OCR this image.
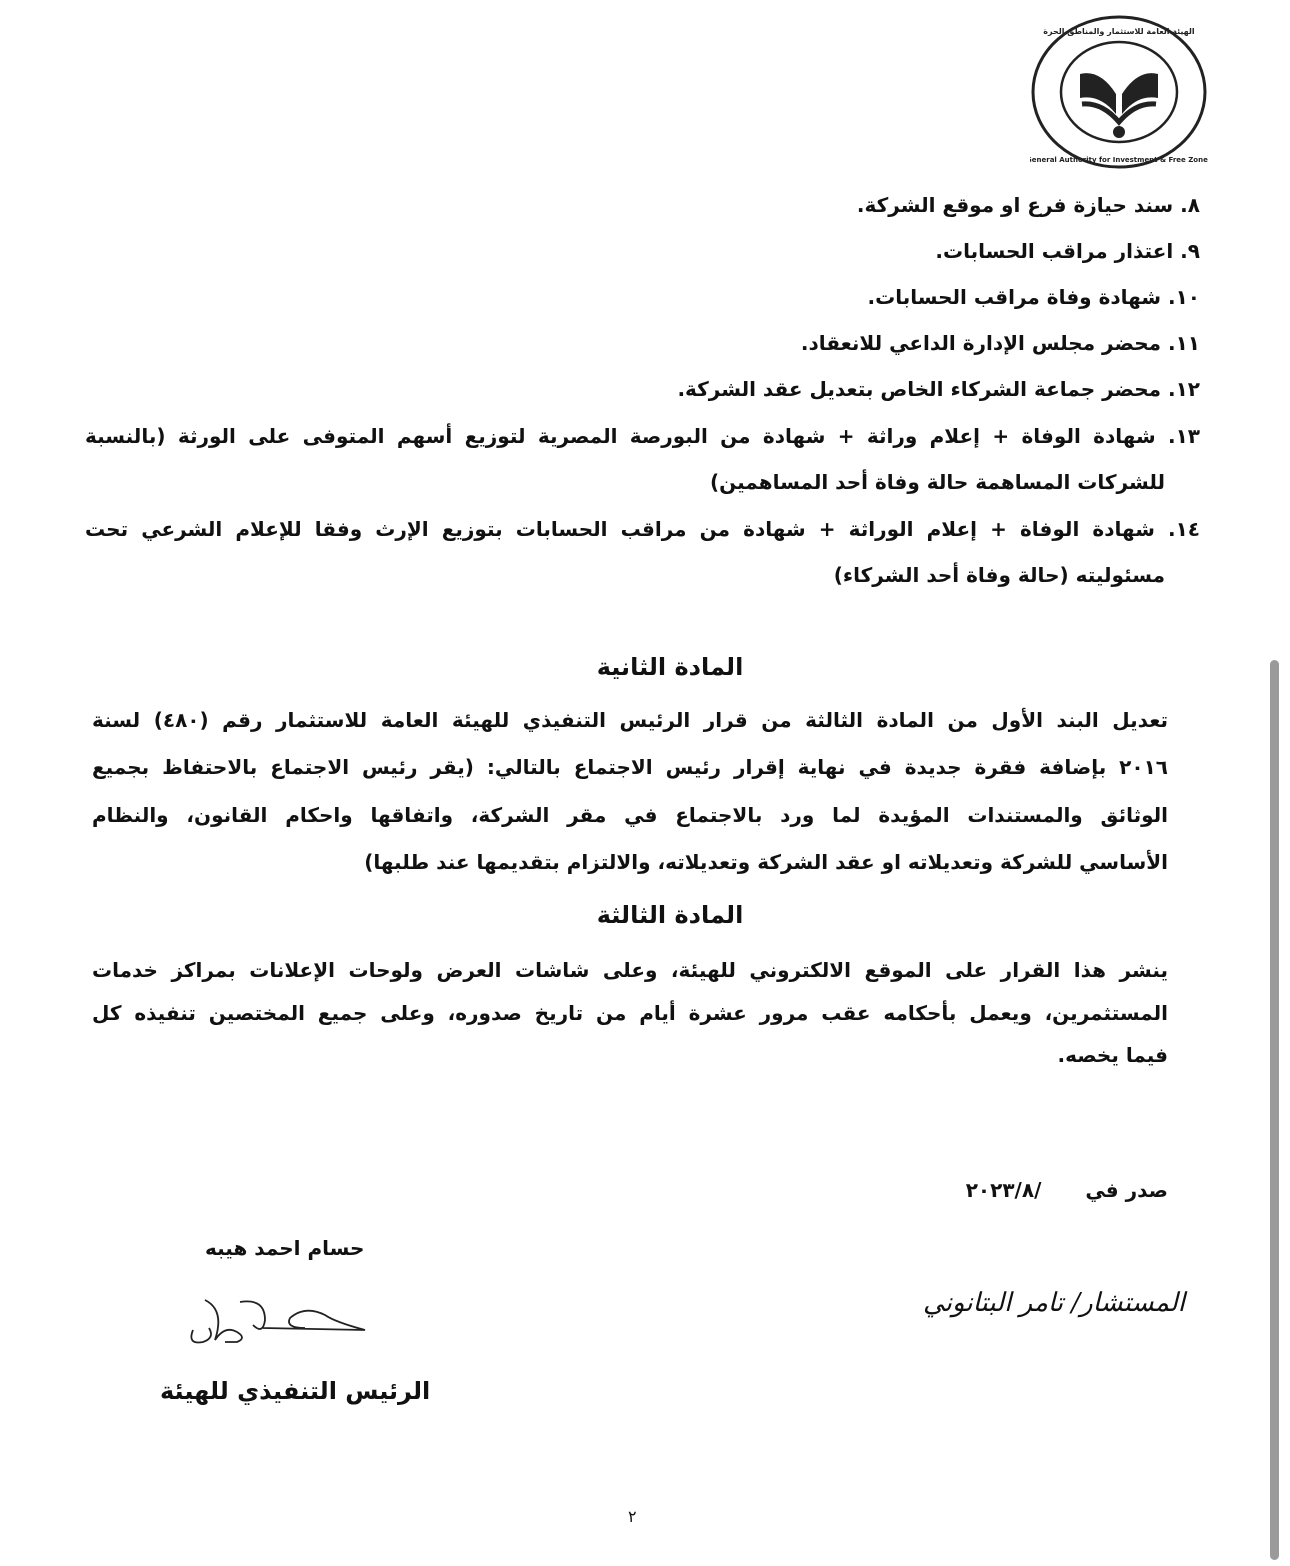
الهيئة العامة للاستثمار والمناطق الحرة
General Authority for Investment & Free Zones
٨. سند حيازة فرع او موقع الشركة.
٩. اعتذار مراقب الحسابات.
١٠. شهادة وفاة مراقب الحسابات.
١١. محضر مجلس الإدارة الداعي للانعقاد.
١٢. محضر جماعة الشركاء الخاص بتعديل عقد الشركة.
١٣. شهادة الوفاة + إعلام وراثة + شهادة من البورصة المصرية لتوزيع أسهم المتوفى على الورثة (بالنسبة
للشركات المساهمة حالة وفاة أحد المساهمين)
١٤. شهادة الوفاة + إعلام الوراثة + شهادة من مراقب الحسابات بتوزيع الإرث وفقا للإعلام الشرعي تحت
مسئوليته (حالة وفاة أحد الشركاء)
المادة الثانية
تعديل البند الأول من المادة الثالثة من قرار الرئيس التنفيذي للهيئة العامة للاستثمار رقم (٤٨٠) لسنة
٢٠١٦ بإضافة فقرة جديدة في نهاية إقرار رئيس الاجتماع بالتالي: (يقر رئيس الاجتماع بالاحتفاظ بجميع
الوثائق والمستندات المؤيدة لما ورد بالاجتماع في مقر الشركة، واتفاقها واحكام القانون، والنظام
الأساسي للشركة وتعديلاته او عقد الشركة وتعديلاته، والالتزام بتقديمها عند طلبها)
المادة الثالثة
ينشر هذا القرار على الموقع الالكتروني للهيئة، وعلى شاشات العرض ولوحات الإعلانات بمراكز خدمات
المستثمرين، ويعمل بأحكامه عقب مرور عشرة أيام من تاريخ صدوره، وعلى جميع المختصين تنفيذه كل
فيما يخصه.
صدر في  /٢٠٢٣/٨
حسام احمد هيبه
الرئيس التنفيذي للهيئة
المستشار/ تامر البتانوني
٢
